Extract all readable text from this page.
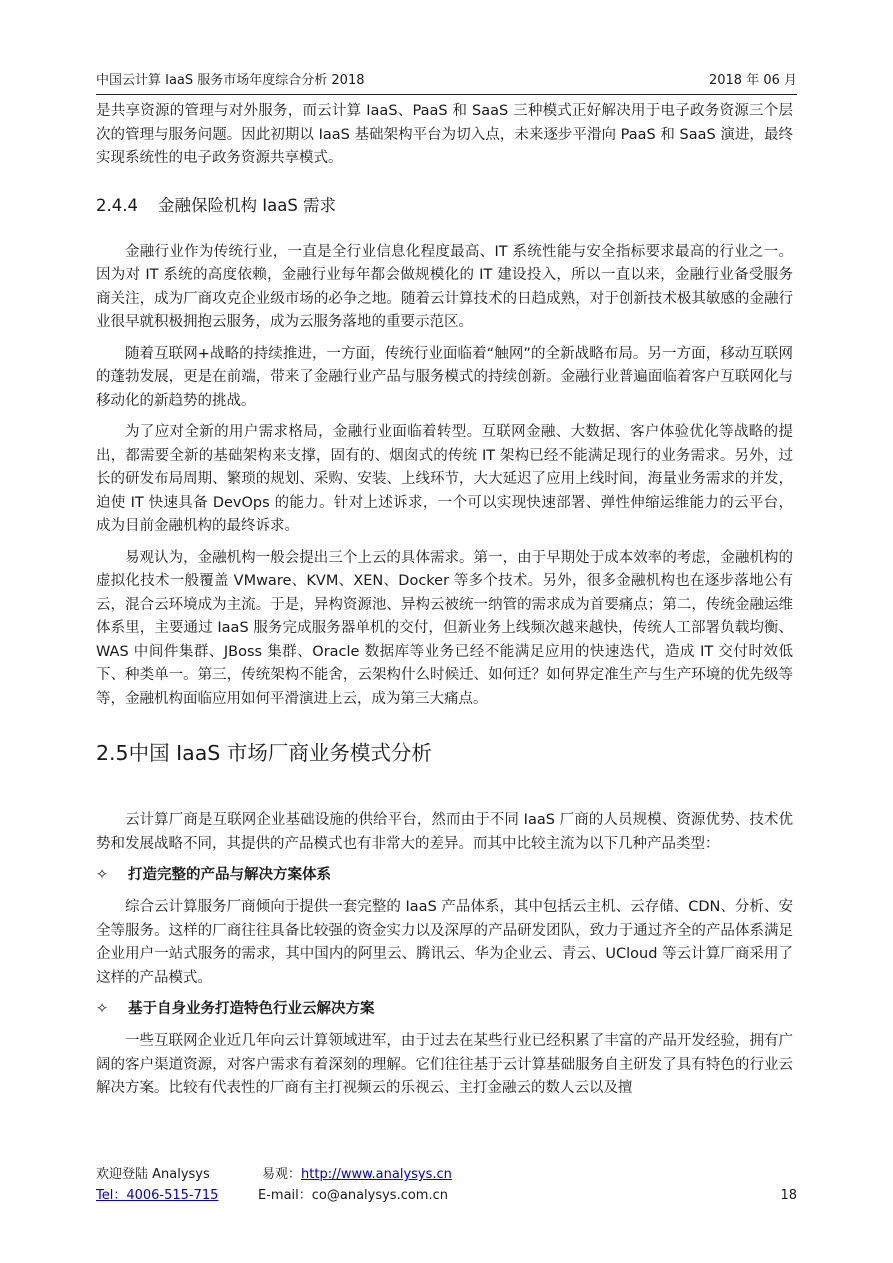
中国云计算 IaaS 服务市场年度综合分析 2018	2018 年 06 月

是共享资源的管理与对外服务，而云计算 IaaS、PaaS 和 SaaS 三种模式正好解决用于电子政务资源三个层次的管理与服务问题。因此初期以 IaaS 基础架构平台为切入点，未来逐步平滑向 PaaS 和 SaaS 演进，最终实现系统性的电子政务资源共享模式。

2.4.4 金融保险机构 IaaS 需求

金融行业作为传统行业，一直是全行业信息化程度最高、IT 系统性能与安全指标要求最高的行业之一。因为对 IT 系统的高度依赖，金融行业每年都会做规模化的 IT 建设投入，所以一直以来，金融行业备受服务商关注，成为厂商攻克企业级市场的必争之地。随着云计算技术的日趋成熟，对于创新技术极其敏感的金融行业很早就积极拥抱云服务，成为云服务落地的重要示范区。

随着互联网+战略的持续推进，一方面，传统行业面临着“触网”的全新战略布局。另一方面，移动互联网的蓬勃发展，更是在前端，带来了金融行业产品与服务模式的持续创新。金融行业普遍面临着客户互联网化与移动化的新趋势的挑战。

为了应对全新的用户需求格局，金融行业面临着转型。互联网金融、大数据、客户体验优化等战略的提出，都需要全新的基础架构来支撑，固有的、烟囱式的传统 IT 架构已经不能满足现行的业务需求。另外，过长的研发布局周期、繁琐的规划、采购、安装、上线环节，大大延迟了应用上线时间，海量业务需求的并发，迫使 IT 快速具备 DevOps 的能力。针对上述诉求，一个可以实现快速部署、弹性伸缩运维能力的云平台，成为目前金融机构的最终诉求。

易观认为，金融机构一般会提出三个上云的具体需求。第一，由于早期处于成本效率的考虑，金融机构的虚拟化技术一般覆盖 VMware、KVM、XEN、Docker 等多个技术。另外，很多金融机构也在逐步落地公有云，混合云环境成为主流。于是，异构资源池、异构云被统一纳管的需求成为首要痛点；第二，传统金融运维体系里，主要通过 IaaS 服务完成服务器单机的交付，但新业务上线频次越来越快，传统人工部署负载均衡、WAS 中间件集群、JBoss 集群、Oracle 数据库等业务已经不能满足应用的快速迭代，造成 IT 交付时效低下、种类单一。第三，传统架构不能舍，云架构什么时候迁、如何迁？如何界定准生产与生产环境的优先级等等，金融机构面临应用如何平滑演进上云，成为第三大痛点。

2.5中国 IaaS 市场厂商业务模式分析

云计算厂商是互联网企业基础设施的供给平台，然而由于不同 IaaS 厂商的人员规模、资源优势、技术优势和发展战略不同，其提供的产品模式也有非常大的差异。而其中比较主流为以下几种产品类型：

✧ 打造完整的产品与解决方案体系

综合云计算服务厂商倾向于提供一套完整的 IaaS 产品体系，其中包括云主机、云存储、CDN、分析、安全等服务。这样的厂商往往具备比较强的资金实力以及深厚的产品研发团队，致力于通过齐全的产品体系满足企业用户一站式服务的需求，其中国内的阿里云、腾讯云、华为企业云、青云、UCloud 等云计算厂商采用了这样的产品模式。

✧ 基于自身业务打造特色行业云解决方案

一些互联网企业近几年向云计算领域进军，由于过去在某些行业已经积累了丰富的产品开发经验，拥有广阔的客户渠道资源，对客户需求有着深刻的理解。它们往往基于云计算基础服务自主研发了具有特色的行业云解决方案。比较有代表性的厂商有主打视频云的乐视云、主打金融云的数人云以及擅

欢迎登陆 Analysys	易观： http://www.analysys.cn
Tel：4006-515-715	E-mail：co@analysys.com.cn	18
